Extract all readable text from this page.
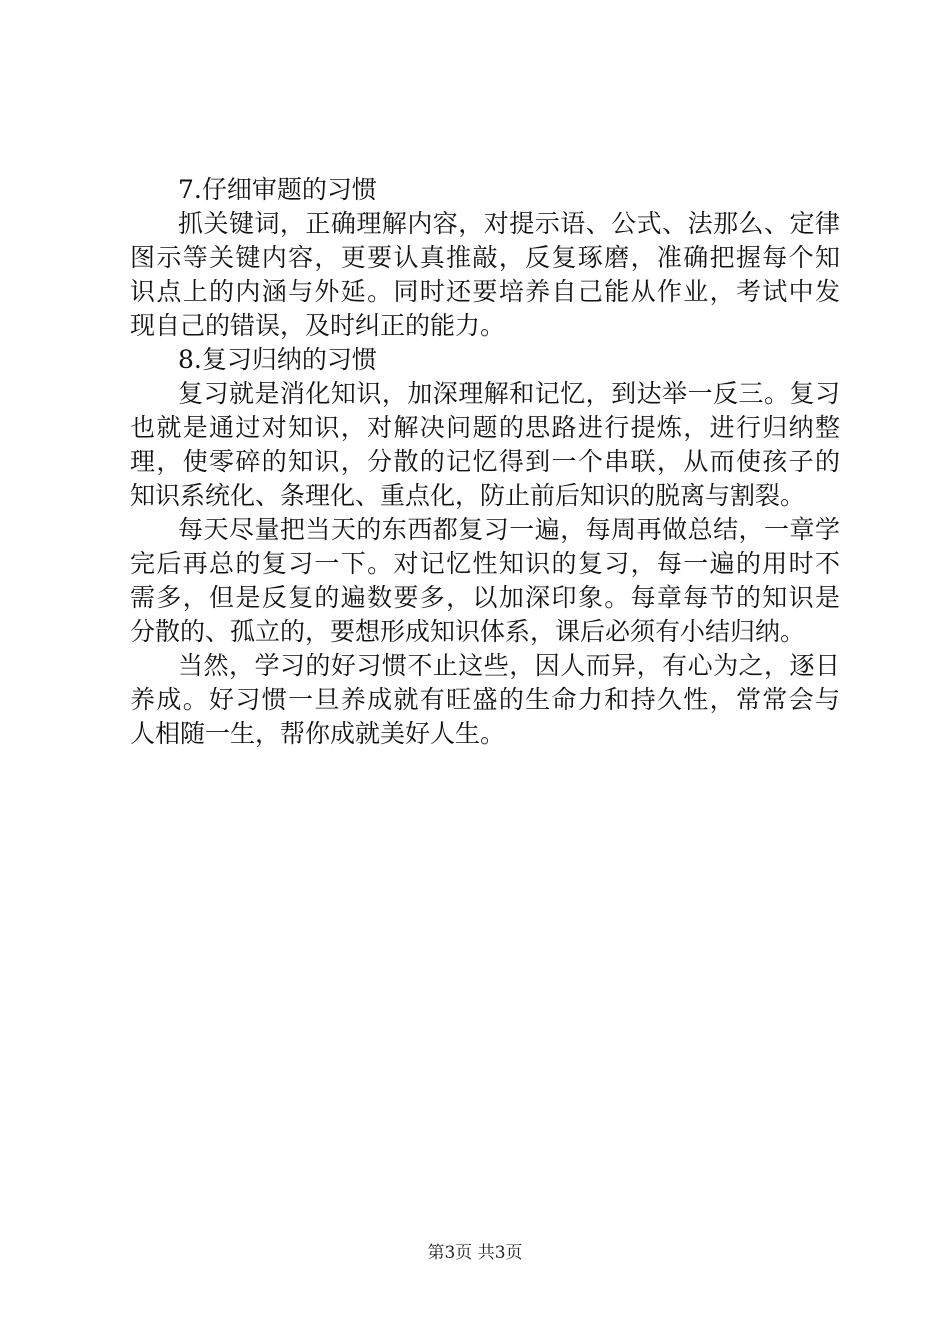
7.仔细审题的习惯
抓关键词，正确理解内容，对提示语、公式、法那么、定律
图示等关键内容，更要认真推敲，反复琢磨，准确把握每个知
识点上的内涵与外延。同时还要培养自己能从作业，考试中发
现自己的错误，及时纠正的能力。
8.复习归纳的习惯
复习就是消化知识，加深理解和记忆，到达举一反三。复习
也就是通过对知识，对解决问题的思路进行提炼，进行归纳整
理，使零碎的知识，分散的记忆得到一个串联，从而使孩子的
知识系统化、条理化、重点化，防止前后知识的脱离与割裂。
每天尽量把当天的东西都复习一遍，每周再做总结，一章学
完后再总的复习一下。对记忆性知识的复习，每一遍的用时不
需多，但是反复的遍数要多，以加深印象。每章每节的知识是
分散的、孤立的，要想形成知识体系，课后必须有小结归纳。
当然，学习的好习惯不止这些，因人而异，有心为之，逐日
养成。好习惯一旦养成就有旺盛的生命力和持久性，常常会与
人相随一生，帮你成就美好人生。
第3页 共3页
